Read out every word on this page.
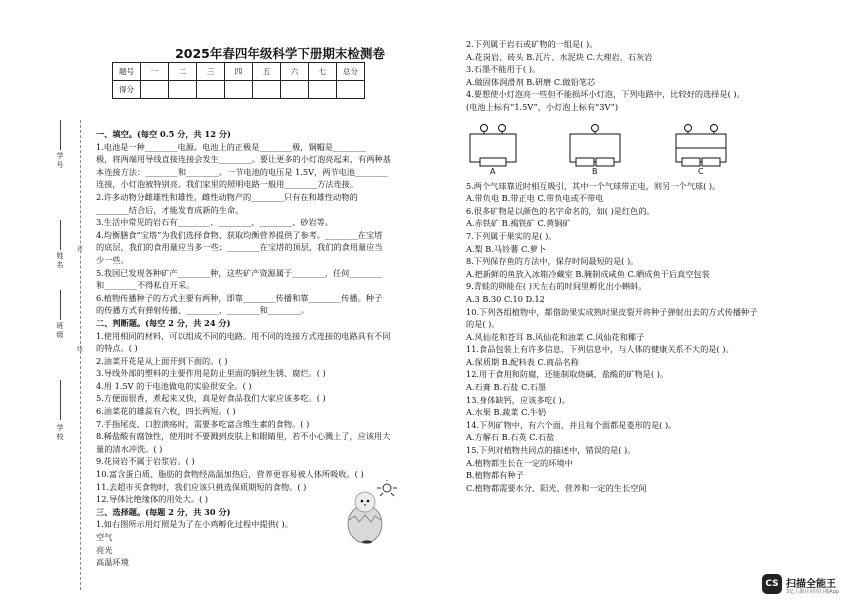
学号
姓名
班级
学校
封
线
2025年春四年级科学下册期末检测卷
题号	一	二	三	四	五	六	七	总分
得分								
一、填空。(每空 0.5 分，共 12 分)
1.电池是一种________电源。电池上的正极是________极，铜帽是________
极，将两端用导线直接连接会发生________。要让更多的小灯泡亮起来，有两种基
本连接方法：________和________。一节电池的电压是 1.5V，两节电池________
连接，小灯泡被特别亮。我们家里的照明电路一般用________方法连接。
2.许多动物分雌雄性和雄性，雌性动物产的________只有在和雄性动物的
________结合后，才能发育成新的生命。
3.生活中常见的岩石有________、________、________、砂岩等。
4.均衡膳食“宝塔”为我们选择食物、获取均衡营养提供了参考。________在宝塔
的底层，我们的食用量应当多一些；________在宝塔的顶层，我们的食用量应当
少一些。
5.我国已发现各种矿产________种，这些矿产资源属于________，任何________
和________不得私自开采。
6.植物传播种子的方式主要有两种，即靠________传播和靠________传播。种子
的传播方式有弹射传播、________、________和________。
二、判断题。(每空 2 分，共 24 分)
1.使用相同的材料，可以组成不同的电路。用不同的连接方式连接的电路具有不同
的特点。( )
2.油菜开花是从上面开到下面的。( )
3.导线外部的塑料的主要作用是防止里面的铜丝生锈、腐烂。( )
4.用 1.5V 的干电池做电的实验很安全。( )
5.方便面很香，煮起来又快，真是好食品我们大家应该多吃。( )
6.油菜花的雄蕊有六枚，四长两短。( )
7.手指尾皮、口腔溃疡时，需要多吃富含维生素的食物。( )
8.稀盐酸有腐蚀性，使用时不要溅到皮肤上和眼睛里，若不小心溅上了，应该用大
量的清水冲洗。( )
9.花岗岩不属于岩浆岩。( )
10.富含蛋白质、脂肪的食物经高温加热后，营养更容易被人体所吸收。( )
11.去超市买食物时，我们应该只挑选保质期短的食物。( )
12.导体比绝缘体的用处大。( )
三、选择题。(每题 2 分，共 30 分)
1.如右图所示用灯照是为了在小鸡孵化过程中提供( )。
空气
亮光
高温环境
2.下列属于岩石或矿物的一组是( )。
A.花岗岩、砖头 B.瓦片、水泥块 C.大理岩、石灰岩
3.石墨不能用于( )。
A.做固体润滑剂 B.研磨 C.做铅笔芯
4.要想使小灯泡亮一些但不能损坏小灯泡，下列电路中，比较好的选择是( )。
(电池上标有“1.5V”，小灯泡上标有“3V”)
A	B	C
5.两个气球靠近时相互吸引，其中一个气球带正电，则另一个气球( )。
A.带负电 B.带正电 C.带负电或不带电
6.很多矿物是以颜色的名字命名的，如( )是红色的。
A.赤铁矿 B.褐铁矿 C.黄铜矿
7.下列属于果实的是( )。
A.梨 B.马铃薯 C.萝卜
8.下列保存鱼的方法中，保存时间最短的是( )。
A.把新鲜的鱼放入冰箱冷藏室 B.腌制成咸鱼 C.晒成鱼干后真空包装
9.青蛙的卵能在( )天左右的时间里孵化出小蝌蚪。
A.3 B.30 C.10 D.12
10.下列各组植物中，都借助果实成熟时果皮裂开将种子弹射出去的方式传播种子
的是( )。
A.风仙花和苍耳 B.风仙花和油菜 C.风仙花和椰子
11.食品包装上有许多信息，下列信息中，与人体的健康关系不大的是( )。
A.保质期 B.配料表 C.商品名称
12.用于食用和防腐，还能制取烧碱、盐酸的矿物是( )。
A.石膏 B.石盐 C.石墨
13.身体缺钙，应该多吃( )。
A.水果 B.蔬菜 C.牛奶
14.下列矿物中，有六个面，并且每个面都是菱形的是( )。
A.方解石 B.石英 C.石盐
15.下列对植物共同点的描述中，错误的是( )。
A.植物都生长在一定的环境中
B.植物都有种子
C.植物都需要水分、阳光、营养和一定的生长空间
CS 扫描全能王
3亿人都在用的扫描App
